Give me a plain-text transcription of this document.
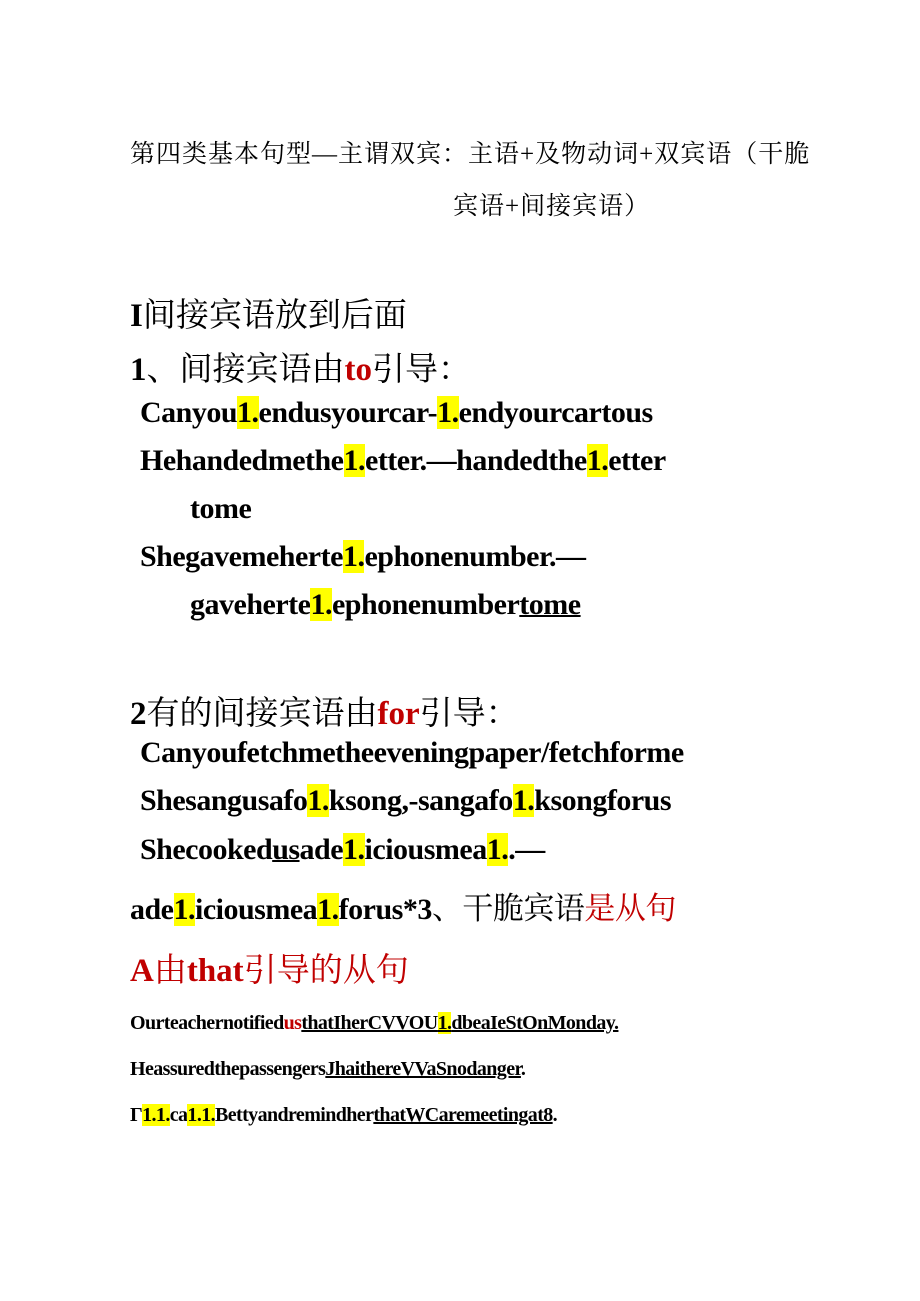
第四类基本句型—主谓双宾：主语+及物动词+双宾语（干脆
宾语+间接宾语）
I间接宾语放到后面
1、间接宾语由to引导：
Canyou1.endusyourcar-1.endyourcartous
Hehandedmethe1.etter.—handedthe1.etter
tome
Shegavemeherte1.ephonenumber.—
gaveherte1.ephonenumbertome
2有的间接宾语由for引导：
Canyoufetchmetheeveningpaper/fetchforme
Shesangusafo1.ksong,-sangafo1.ksongforus
Shecookedusade1.iciousmea1..—
ade1.iciousmea1.forus*3、干脆宾语是从句
A由that引导的从句
OurteachernotifiedusthatIherCVVOU1.dbeaIeStOnMonday.
HeassuredthepassengersJhaithereVVaSnodanger.
Γ1.1.ca1.1.BettyandremindherthatWCaremeetingat8.
